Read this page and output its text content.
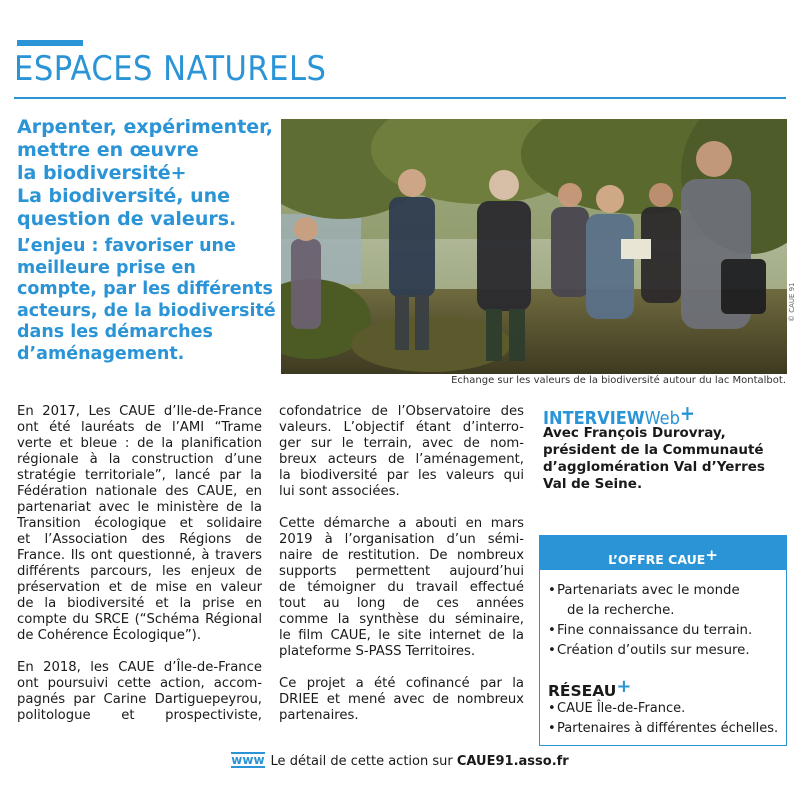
ESPACES NATURELS
Arpenter, expérimenter,
mettre en œuvre
la biodiversité+
La biodiversité, une
question de valeurs.
L’enjeu : favoriser une
meilleure prise en
compte, par les différents
acteurs, de la biodiversité
dans les démarches
d’aménagement.
© CAUE 91
Echange sur les valeurs de la biodiversité autour du lac Montalbot.
En 2017, Les CAUE d’Ile-de-France
ont été lauréats de l’AMI “Trame
verte et bleue : de la planification
régionale à la construction d’une
stratégie territoriale”, lancé par la
Fédération nationale des CAUE, en
partenariat avec le ministère de la
Transition écologique et solidaire
et l’Association des Régions de
France. Ils ont questionné, à travers
différents parcours, les enjeux de
préservation et de mise en valeur
de la biodiversité et la prise en
compte du SRCE (“Schéma Régional
de Cohérence Écologique”).
En 2018, les CAUE d’Île-de-France
ont poursuivi cette action, accom-
pagnés par Carine Dartiguepeyrou,
politologue et prospectiviste,
cofondatrice de l’Observatoire des
valeurs. L’objectif étant d’interro-
ger sur le terrain, avec de nom-
breux acteurs de l’aménagement,
la biodiversité par les valeurs qui
lui sont associées.
Cette démarche a abouti en mars
2019 à l’organisation d’un sémi-
naire de restitution. De nombreux
supports permettent aujourd’hui
de témoigner du travail effectué
tout au long de ces années
comme la synthèse du séminaire,
le film CAUE, le site internet de la
plateforme S-PASS Territoires.
Ce projet a été cofinancé par la
DRIEE et mené avec de nombreux
partenaires.
INTERVIEWWeb+
Avec François Durovray,
président de la Communauté
d’agglomération Val d’Yerres
Val de Seine.
L’OFFRE CAUE+
• Partenariats avec le monde
de la recherche.
• Fine connaissance du terrain.
• Création d’outils sur mesure.
RÉSEAU+
• CAUE Île-de-France.
• Partenaires à différentes échelles.
www Le détail de cette action sur CAUE91.asso.fr
